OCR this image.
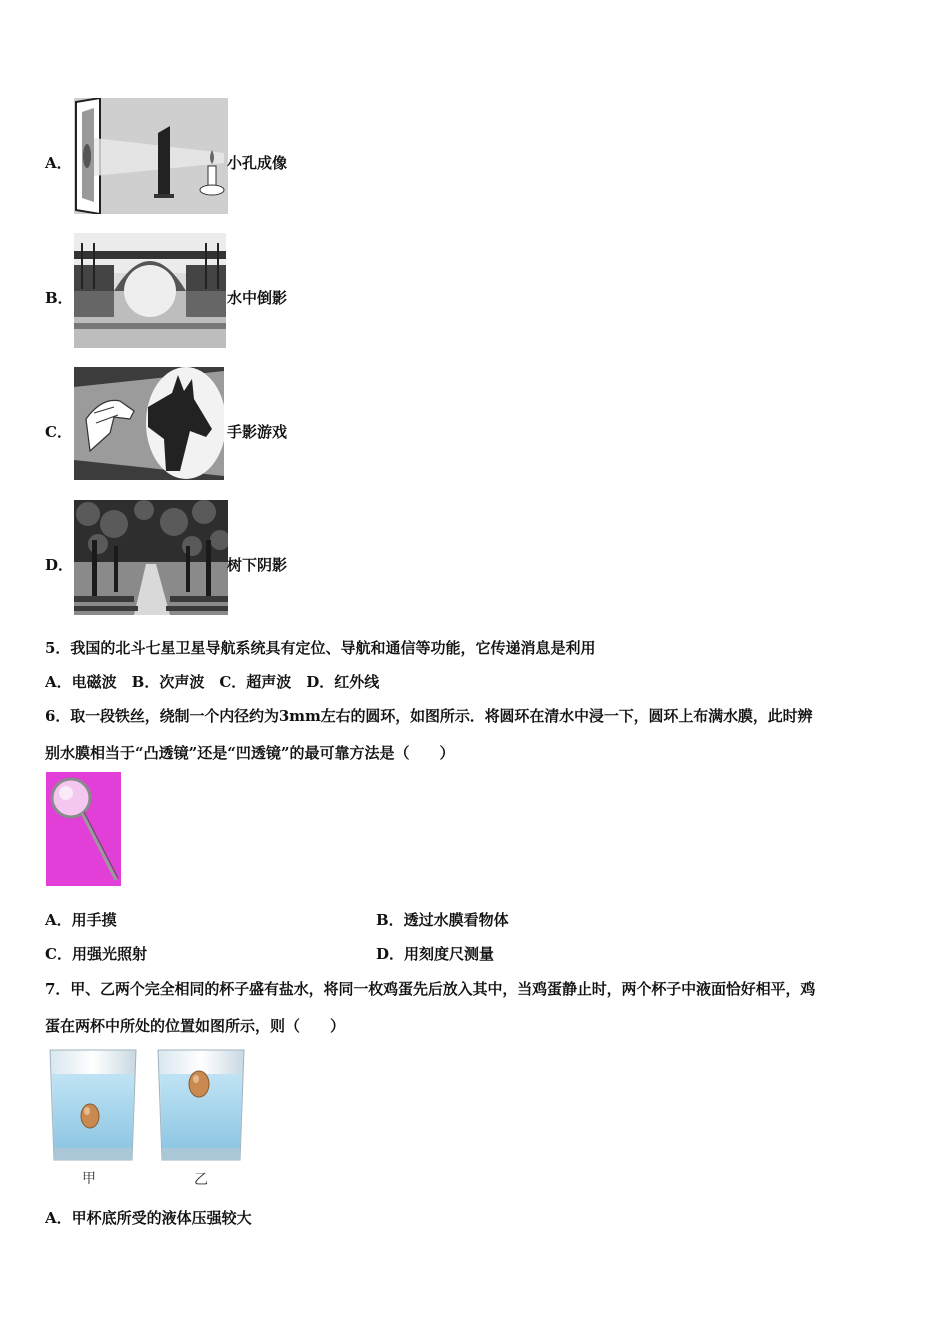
A．	小孔成像
B．	水中倒影
C．	手影游戏
D．	树下阴影
5．我国的北斗七星卫星导航系统具有定位、导航和通信等功能，它传递消息是利用
A．电磁波　B．次声波　C．超声波　D．红外线
6．取一段铁丝，绕制一个内径约为3mm左右的圆环，如图所示．将圆环在清水中浸一下，圆环上布满水膜，此时辨
别水膜相当于“凸透镜”还是“凹透镜”的最可靠方法是（　　）
A．用手摸	B．透过水膜看物体
C．用强光照射	D．用刻度尺测量
7．甲、乙两个完全相同的杯子盛有盐水，将同一枚鸡蛋先后放入其中，当鸡蛋静止时，两个杯子中液面恰好相平，鸡
蛋在两杯中所处的位置如图所示，则（　　）
甲	乙
A．甲杯底所受的液体压强较大
